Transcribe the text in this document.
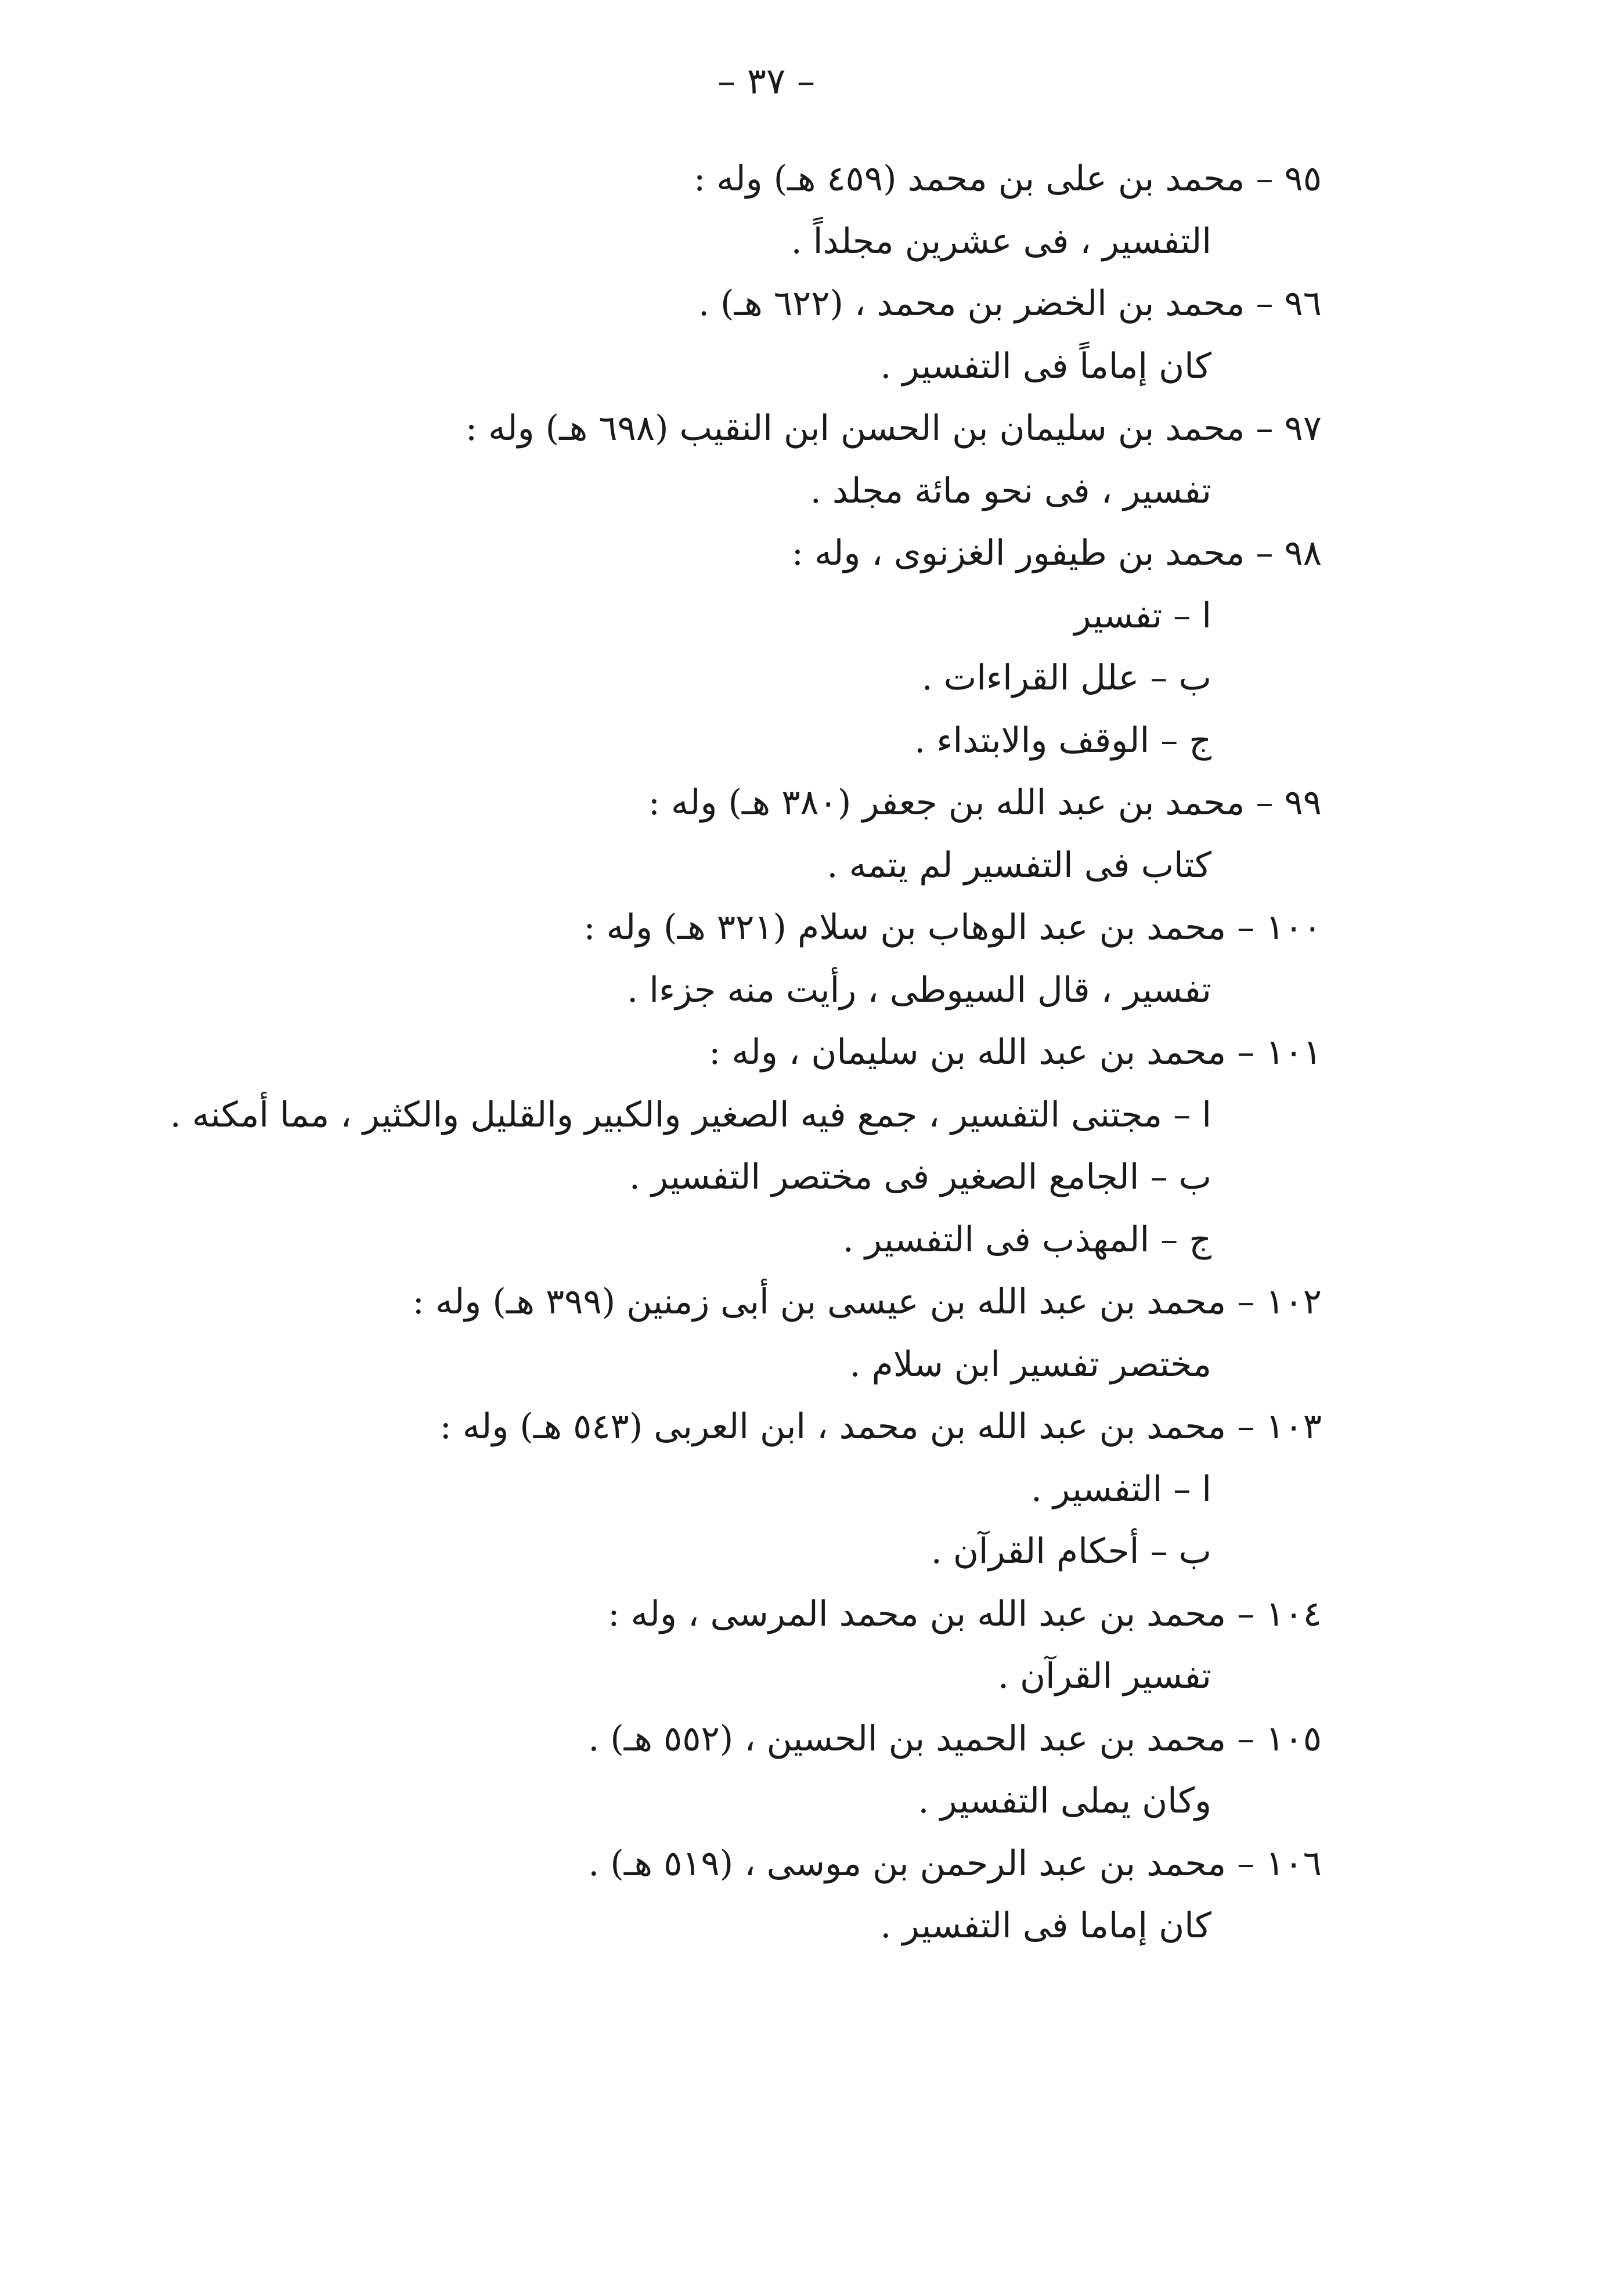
– ٣٧ –
٩٥ – محمد بن على بن محمد (٤٥٩ هـ) وله :
التفسير ، فى عشرين مجلداً .
٩٦ – محمد بن الخضر بن محمد ، (٦٢٢ هـ) .
كان إماماً فى التفسير .
٩٧ – محمد بن سليمان بن الحسن ابن النقيب (٦٩٨ هـ) وله :
تفسير ، فى نحو مائة مجلد .
٩٨ – محمد بن طيفور الغزنوى ، وله :
ا – تفسير
ب – علل القراءات .
ج – الوقف والابتداء .
٩٩ – محمد بن عبد الله بن جعفر (٣٨٠ هـ) وله :
كتاب فى التفسير لم يتمه .
١٠٠ – محمد بن عبد الوهاب بن سلام (٣٢١ هـ) وله :
تفسير ، قال السيوطى ، رأيت منه جزءا .
١٠١ – محمد بن عبد الله بن سليمان ، وله :
ا – مجتنى التفسير ، جمع فيه الصغير والكبير والقليل والكثير ، مما أمكنه .
ب – الجامع الصغير فى مختصر التفسير .
ج – المهذب فى التفسير .
١٠٢ – محمد بن عبد الله بن عيسى بن أبى زمنين (٣٩٩ هـ) وله :
مختصر تفسير ابن سلام .
١٠٣ – محمد بن عبد الله بن محمد ، ابن العربى (٥٤٣ هـ) وله :
ا – التفسير .
ب – أحكام القرآن .
١٠٤ – محمد بن عبد الله بن محمد المرسى ، وله :
تفسير القرآن .
١٠٥ – محمد بن عبد الحميد بن الحسين ، (٥٥٢ هـ) .
وكان يملى التفسير .
١٠٦ – محمد بن عبد الرحمن بن موسى ، (٥١٩ هـ) .
كان إماما فى التفسير .
